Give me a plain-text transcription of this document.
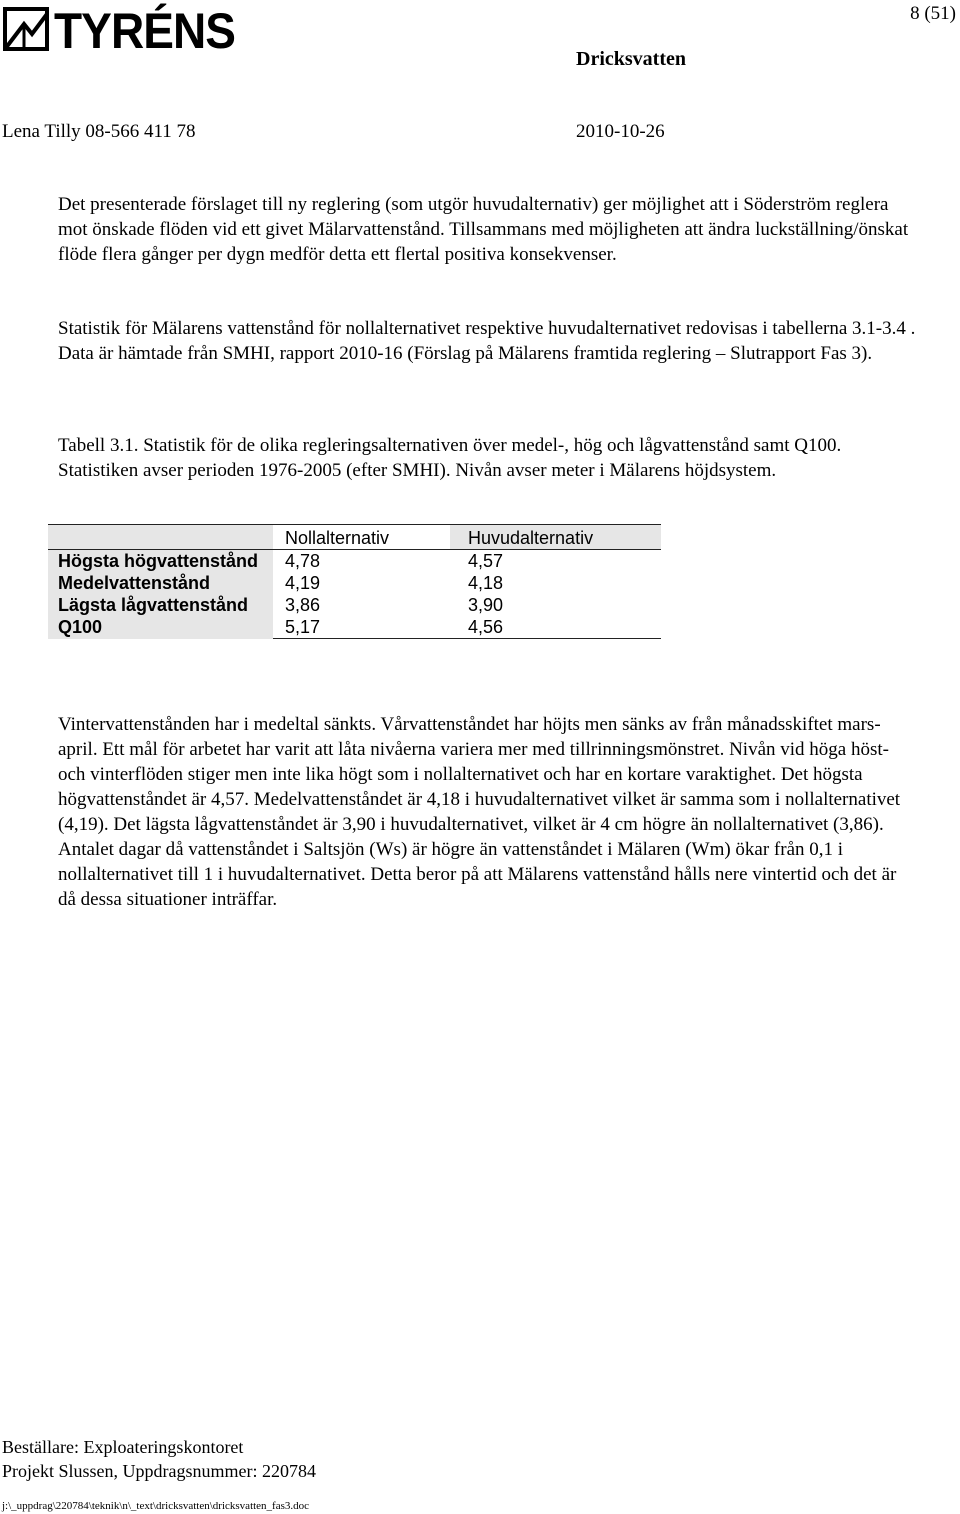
TYRÉNS	8 (51)
Dricksvatten
Lena Tilly 08-566 411 78	2010-10-26
Det presenterade förslaget till ny reglering (som utgör huvudalternativ) ger möjlighet att i Söderström reglera mot önskade flöden vid ett givet Mälarvattenstånd. Tillsammans med möjligheten att ändra luckställning/önskat flöde flera gånger per dygn medför detta ett flertal positiva konsekvenser.
Statistik för Mälarens vattenstånd för nollalternativet respektive huvudalternativet redovisas i tabellerna 3.1-3.4 . Data är hämtade från SMHI, rapport 2010-16 (Förslag på Mälarens framtida reglering – Slutrapport Fas 3).
Tabell 3.1. Statistik för de olika regleringsalternativen över medel-, hög och lågvattenstånd samt Q100. Statistiken avser perioden 1976-2005 (efter SMHI). Nivån avser meter i Mälarens höjdsystem.
	Nollalternativ	Huvudalternativ
Högsta högvattenstånd	4,78	4,57
Medelvattenstånd	4,19	4,18
Lägsta lågvattenstånd	3,86	3,90
Q100	5,17	4,56
Vintervattenstånden har i medeltal sänkts. Vårvattenståndet har höjts men sänks av från månadsskiftet mars-april. Ett mål för arbetet har varit att låta nivåerna variera mer med tillrinningsmönstret. Nivån vid höga höst- och vinterflöden stiger men inte lika högt som i nollalternativet och har en kortare varaktighet. Det högsta högvattenståndet är 4,57. Medelvattenståndet är 4,18 i huvudalternativet vilket är samma som i nollalternativet (4,19). Det lägsta lågvattenståndet är 3,90 i huvudalternativet, vilket är 4 cm högre än nollalternativet (3,86). Antalet dagar då vattenståndet i Saltsjön (Ws) är högre än vattenståndet i Mälaren (Wm) ökar från 0,1 i nollalternativet till 1 i huvudalternativet. Detta beror på att Mälarens vattenstånd hålls nere vintertid och det är då dessa situationer inträffar.
Beställare: Exploateringskontoret
Projekt Slussen, Uppdragsnummer: 220784
j:\_uppdrag\220784\teknik\n\_text\dricksvatten\dricksvatten_fas3.doc
